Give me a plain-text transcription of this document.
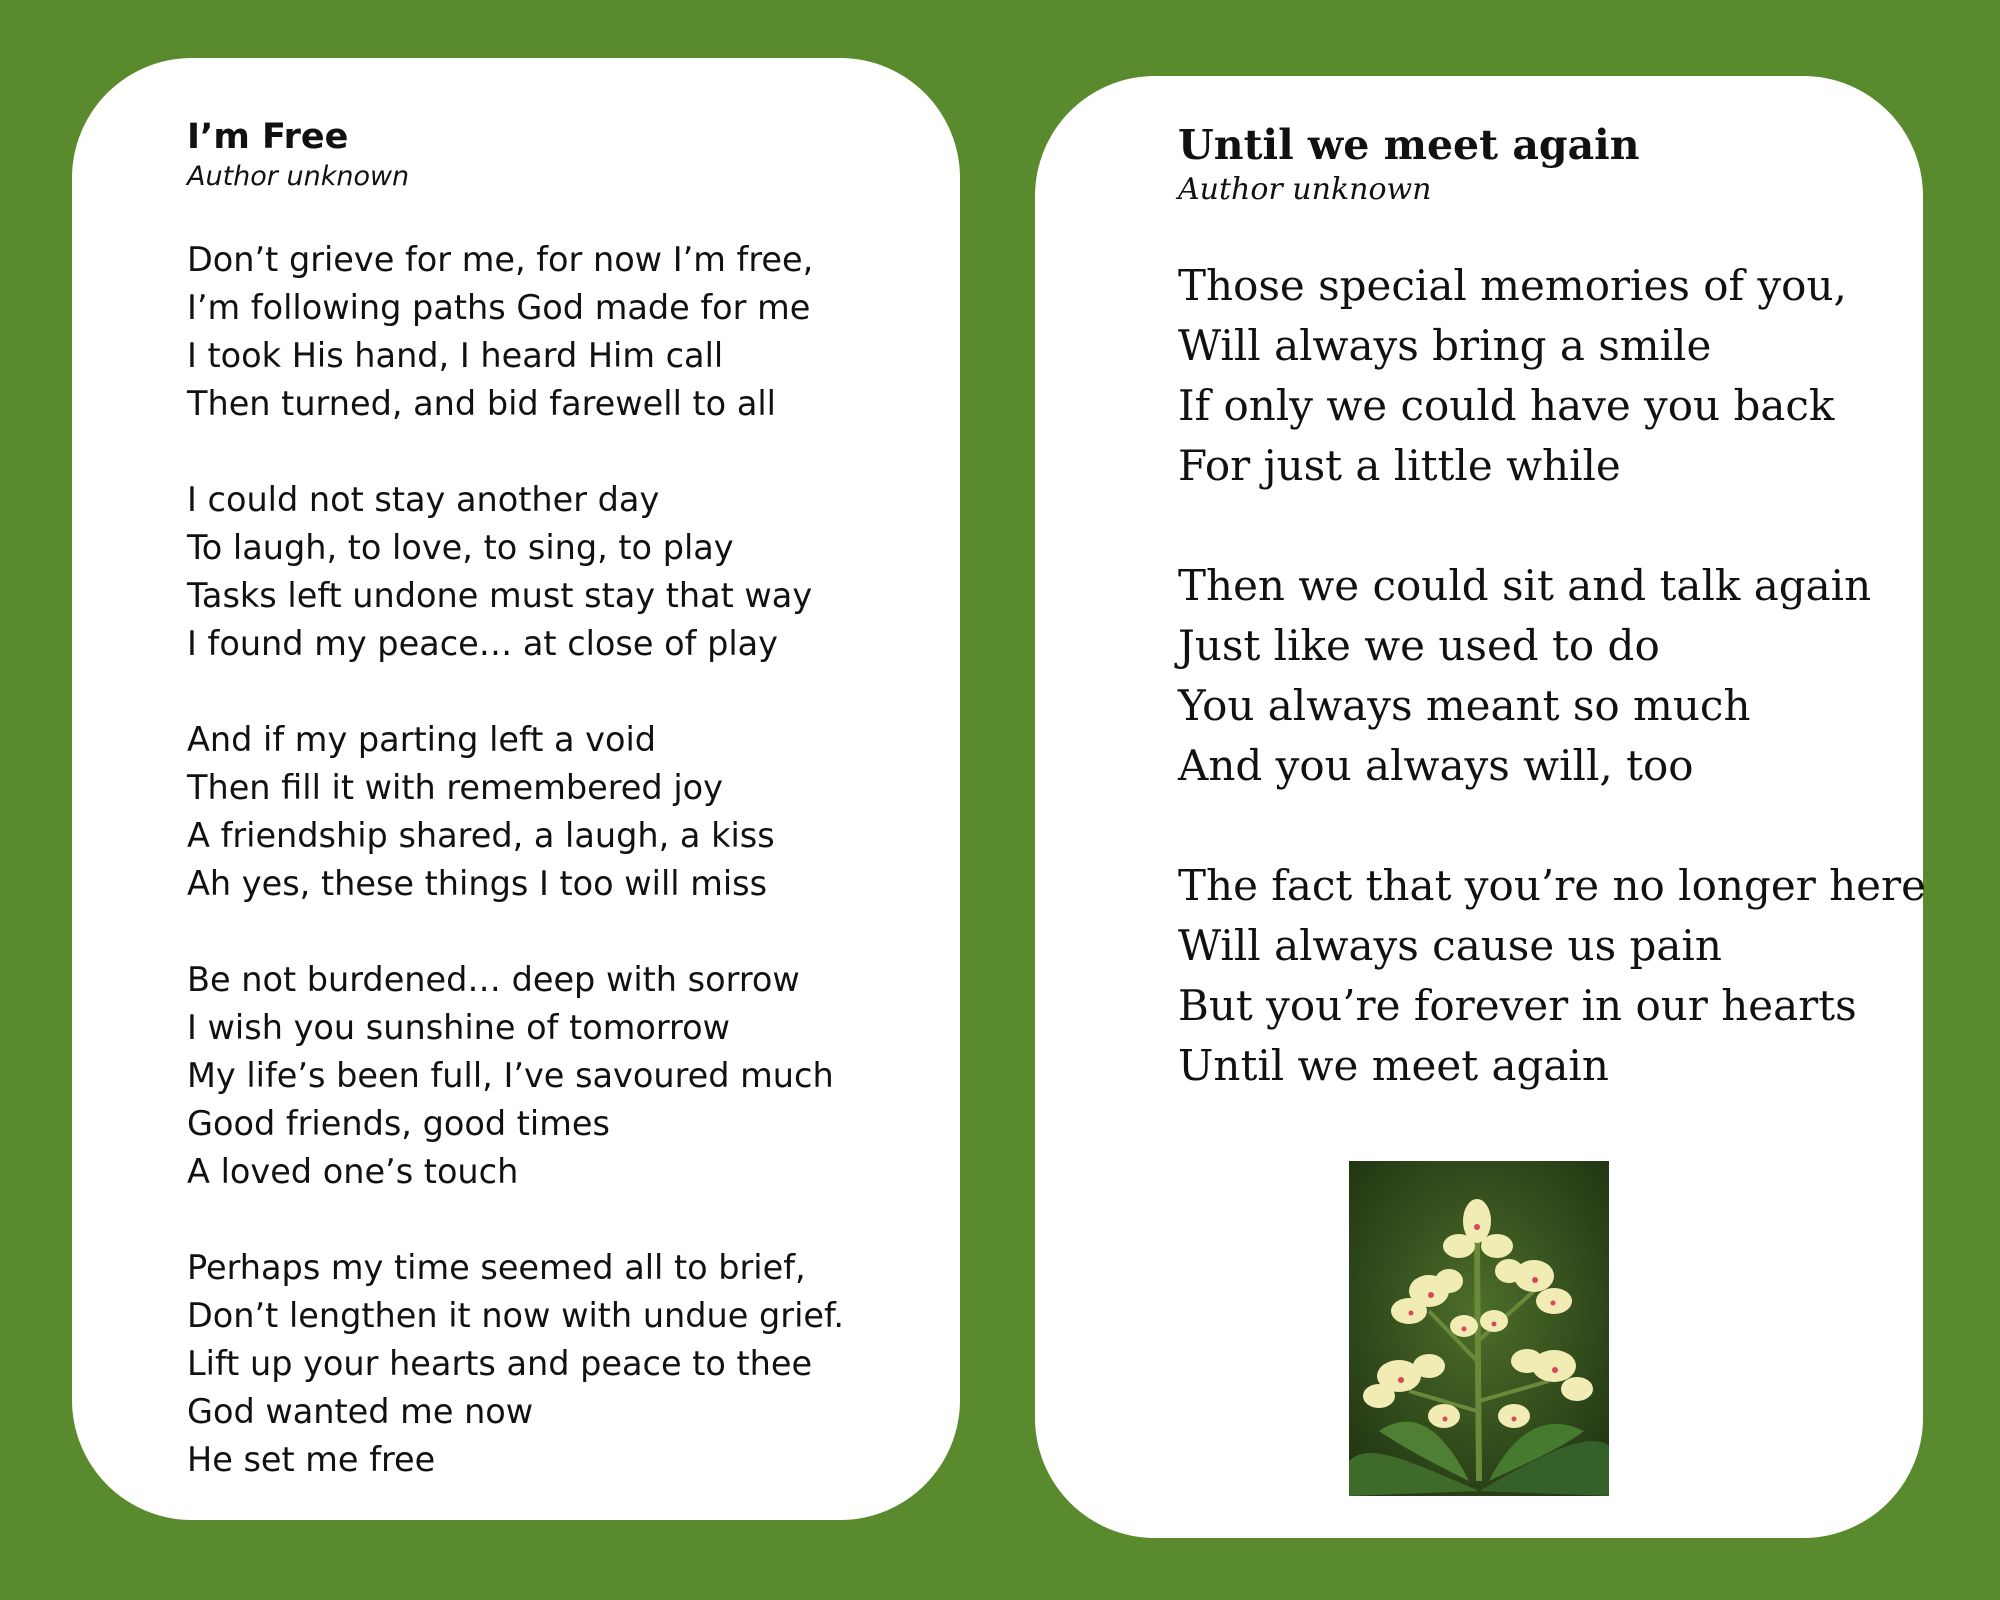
I’m Free
Author unknown
Don’t grieve for me, for now I’m free,
I’m following paths God made for me
I took His hand, I heard Him call
Then turned, and bid farewell to all
I could not stay another day
To laugh, to love, to sing, to play
Tasks left undone must stay that way
I found my peace… at close of play
And if my parting left a void
Then fill it with remembered joy
A friendship shared, a laugh, a kiss
Ah yes, these things I too will miss
Be not burdened… deep with sorrow
I wish you sunshine of tomorrow
My life’s been full, I’ve savoured much
Good friends, good times
A loved one’s touch
Perhaps my time seemed all to brief,
Don’t lengthen it now with undue grief.
Lift up your hearts and peace to thee
God wanted me now
He set me free
Until we meet again
Author unknown
Those special memories of you,
Will always bring a smile
If only we could have you back
For just a little while
Then we could sit and talk again
Just like we used to do
You always meant so much
And you always will, too
The fact that you’re no longer here
Will always cause us pain
But you’re forever in our hearts
Until we meet again
